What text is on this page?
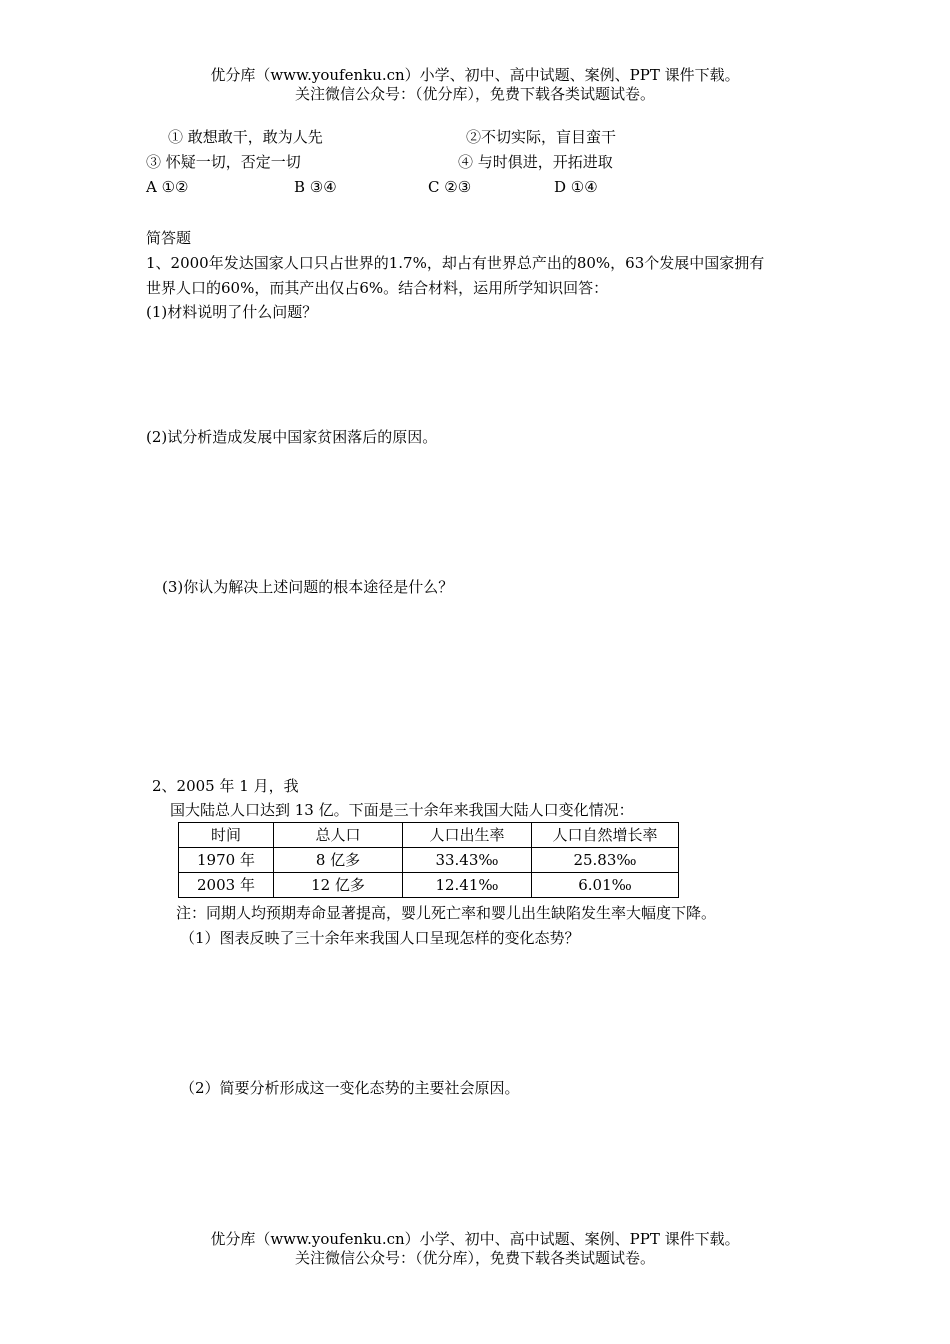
优分库（www.youfenku.cn）小学、初中、高中试题、案例、PPT 课件下载。
关注微信公众号：（优分库），免费下载各类试题试卷。
① 敢想敢干，敢为人先	②不切实际，盲目蛮干
③ 怀疑一切，否定一切	④ 与时俱进，开拓进取
A ①②	B ③④	C ②③	D ①④
简答题
1、2000年发达国家人口只占世界的1.7%，却占有世界总产出的80%，63个发展中国家拥有
世界人口的60%，而其产出仅占6%。结合材料，运用所学知识回答：
(1)材料说明了什么问题？
(2)试分析造成发展中国家贫困落后的原因。
(3)你认为解决上述问题的根本途径是什么？
2、2005 年 1 月，我
国大陆总人口达到 13 亿。下面是三十余年来我国大陆人口变化情况：
时间	总人口	人口出生率	人口自然增长率
1970 年	8 亿多	33.43‰	25.83‰
2003 年	12 亿多	12.41‰	6.01‰
注：同期人均预期寿命显著提高，婴儿死亡率和婴儿出生缺陷发生率大幅度下降。
（1）图表反映了三十余年来我国人口呈现怎样的变化态势？
（2）简要分析形成这一变化态势的主要社会原因。
优分库（www.youfenku.cn）小学、初中、高中试题、案例、PPT 课件下载。
关注微信公众号：（优分库），免费下载各类试题试卷。
